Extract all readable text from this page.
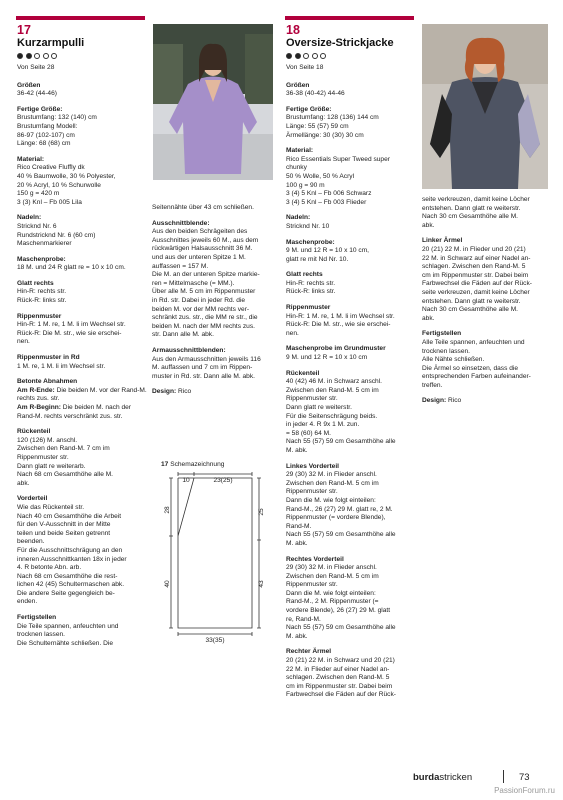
17
Kurzarmpulli
Von Seite 28
Größen
36-42 (44-46)
Fertige Größe:
Brustumfang: 132 (140) cm
Brustumfang Modell:
86-97 (102-107) cm
Länge: 68 (68) cm
Material:
Rico Creative Fluffly dk
40 % Baumwolle, 30 % Polyester,
20 % Acryl, 10 % Schurwolle
150 g = 420 m
3 (3) Knl – Fb 005 Lila
Nadeln:
Stricknd Nr. 6
Rundstricknd Nr. 6 (60 cm)
Maschenmarkierer
Maschenprobe:
18 M. und 24 R glatt re = 10 x 10 cm.
Glatt rechts
Hin-R: rechts str.
Rück-R: links str.
Rippenmuster
Hin-R: 1 M. re, 1 M. li im Wechsel str.
Rück-R: Die M. str., wie sie erschei-
nen.
Rippenmuster in Rd
1 M. re, 1 M. li im Wechsel str.
Betonte Abnahmen
Am R-Ende: Die beiden M. vor der Rand-M. rechts zus. str.
Am R-Beginn: Die beiden M. nach der Rand-M. rechts verschränkt zus. str.
Rückenteil
120 (126) M. anschl.
Zwischen den Rand-M. 7 cm im
Rippenmuster str.
Dann glatt re weiterarb.
Nach 68 cm Gesamthöhe alle M.
abk.
Vorderteil
Wie das Rückenteil str.
Nach 40 cm Gesamthöhe die Arbeit
für den V-Ausschnitt in der Mitte
teilen und beide Seiten getrennt
beenden.
Für die Ausschnittschrägung an den
inneren Ausschnittkanten 18x in jeder
4. R betonte Abn. arb.
Nach 68 cm Gesamthöhe die rest-
lichen 42 (45) Schultermaschen abk.
Die andere Seite gegengleich be-
enden.
Fertigstellen
Die Teile spannen, anfeuchten und
trocknen lassen.
Die Schulternähte schließen. Die
Seitennähte über 43 cm schließen.
Ausschnittblende:
Aus den beiden Schrägeiten des
Ausschnittes jeweils 60 M., aus dem
rückwärtigen Halsausschnitt 36 M.
und aus der unteren Spitze 1 M.
auffassen = 157 M.
Die M. an der unteren Spitze markie-
ren = Mittelmasche (= MM.).
Über alle M. 5 cm im Rippenmuster
in Rd. str. Dabei in jeder Rd. die
beiden M. vor der MM rechts ver-
schränkt zus. str., die MM re str., die
beiden M. nach der MM rechts zus.
str. Dann alle M. abk.
Armausschnittblenden:
Aus den Armausschnitten jeweils 116
M. auffassen und 7 cm im Rippen-
muster in Rd. str. Dann alle M. abk.
Design: Rico
17 Schemazeichnung
10	23(25)
28	25
40	43
33(35)
18
Oversize-Strickjacke
Von Seite 18
Größen
36-38 (40-42) 44-46
Fertige Größe:
Brustumfang: 128 (136) 144 cm
Länge: 55 (57) 59 cm
Ärmellänge: 30 (30) 30 cm
Material:
Rico Essentials Super Tweed super
chunky
50 % Wolle, 50 % Acryl
100 g = 90 m
3 (4) 5 Knl – Fb 006 Schwarz
3 (4) 5 Knl – Fb 003 Flieder
Nadeln:
Stricknd Nr. 10
Maschenprobe:
9 M. und 12 R = 10 x 10 cm,
glatt re mit Nd Nr. 10.
Glatt rechts
Hin-R: rechts str.
Rück-R: links str.
Rippenmuster
Hin-R: 1 M. re, 1 M. li im Wechsel str.
Rück-R: Die M. str., wie sie erschei-
nen.
Maschenprobe im Grundmuster
9 M. und 12 R = 10 x 10 cm
Rückenteil
40 (42) 46 M. in Schwarz anschl.
Zwischen den Rand-M. 5 cm im
Rippenmuster str.
Dann glatt re weiterstr.
Für die Seitenschrägung beids.
in jeder 4. R 9x 1 M. zun.
= 58 (60) 64 M.
Nach 55 (57) 59 cm Gesamthöhe alle
M. abk.
Linkes Vorderteil
29 (30) 32 M. in Flieder anschl.
Zwischen den Rand-M. 5 cm im
Rippenmuster str.
Dann die M. wie folgt einteilen:
Rand-M., 26 (27) 29 M. glatt re, 2 M.
Rippenmuster (= vordere Blende),
Rand-M.
Nach 55 (57) 59 cm Gesamthöhe alle
M. abk.
Rechtes Vorderteil
29 (30) 32 M. in Flieder anschl.
Zwischen den Rand-M. 5 cm im
Rippenmuster str.
Dann die M. wie folgt einteilen:
Rand-M., 2 M. Rippenmuster (=
vordere Blende), 26 (27) 29 M. glatt
re, Rand-M.
Nach 55 (57) 59 cm Gesamthöhe alle
M. abk.
Rechter Ärmel
20 (21) 22 M. in Schwarz und 20 (21)
22 M. in Flieder auf einer Nadel an-
schlagen. Zwischen den Rand-M. 5
cm im Rippenmuster str. Dabei beim
Farbwechsel die Fäden auf der Rück-
seite verkreuzen, damit keine Löcher
entstehen. Dann glatt re weiterstr.
Nach 30 cm Gesamthöhe alle M.
abk.
Linker Ärmel
20 (21) 22 M. in Flieder und 20 (21)
22 M. in Schwarz auf einer Nadel an-
schlagen. Zwischen den Rand-M. 5
cm im Rippenmuster str. Dabei beim
Farbwechsel die Fäden auf der Rück-
seite verkreuzen, damit keine Löcher
entstehen. Dann glatt re weiterstr.
Nach 30 cm Gesamthöhe alle M.
abk.
Fertigstellen
Alle Teile spannen, anfeuchten und
trocknen lassen.
Alle Nähte schließen.
Die Ärmel so einsetzen, dass die
entsprechenden Farben aufeinander-
treffen.
Design: Rico
burdastricken	73
PassionForum.ru
